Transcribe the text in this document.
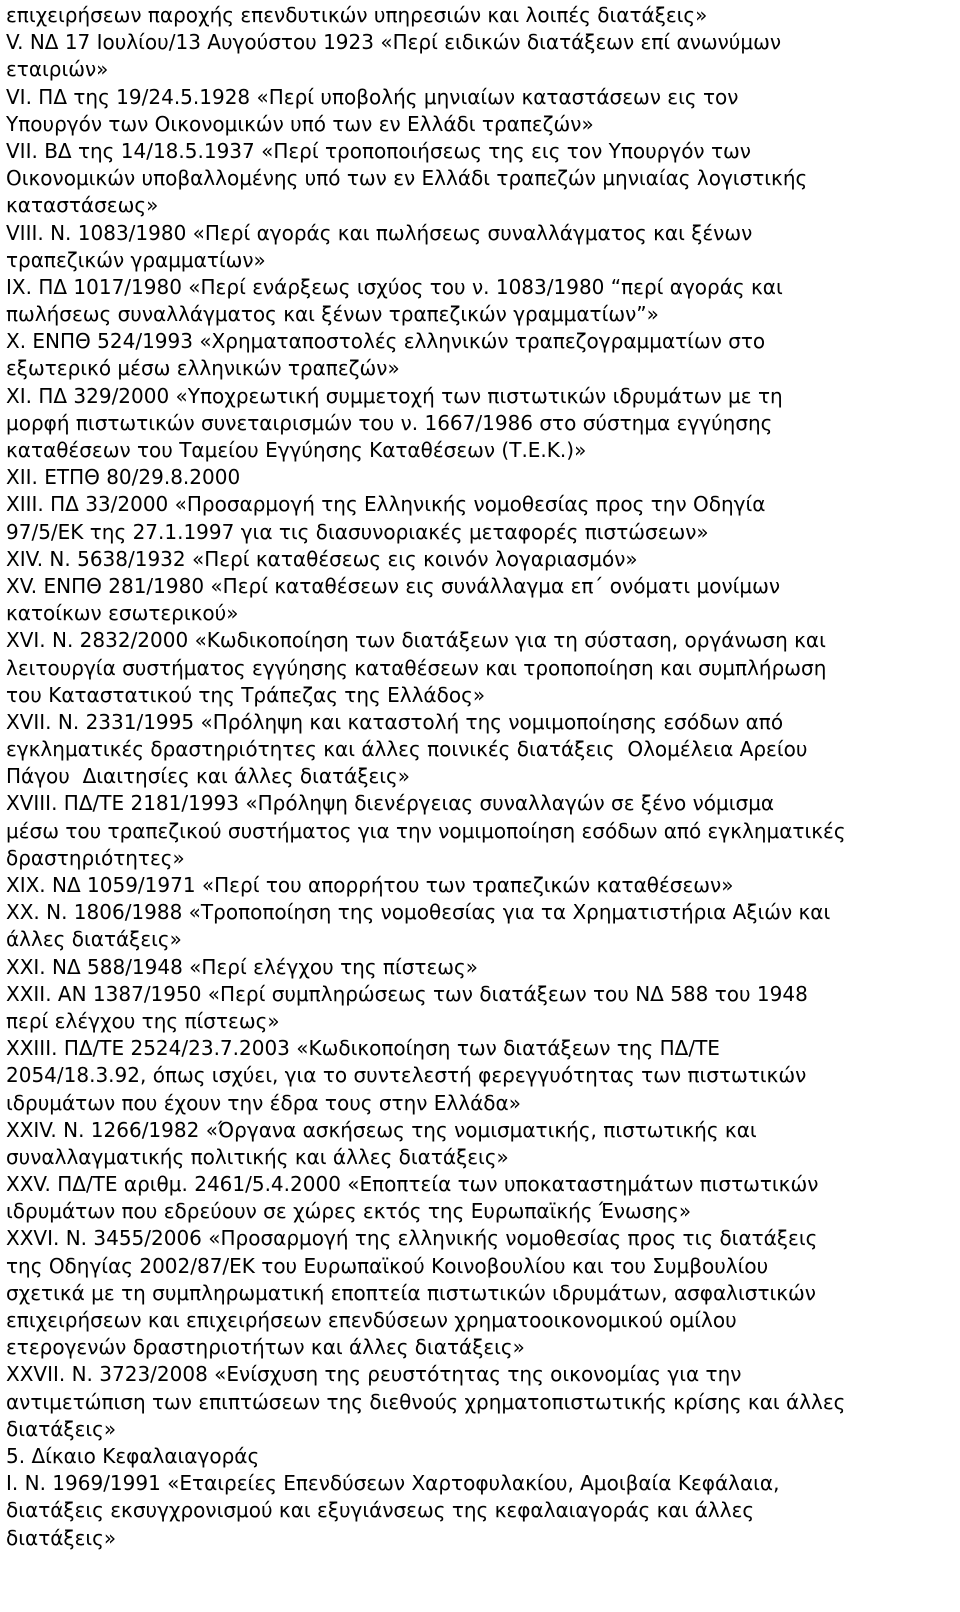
επιχειρήσεων παροχής επενδυτικών υπηρεσιών και λοιπές διατάξεις»
V. ΝΔ 17 Ιουλίου/13 Αυγούστου 1923 «Περί ειδικών διατάξεων επί ανωνύμων
εταιριών»
VI. ΠΔ της 19/24.5.1928 «Περί υποβολής μηνιαίων καταστάσεων εις τον
Υπουργόν των Οικονομικών υπό των εν Ελλάδι τραπεζών»
VII. ΒΔ της 14/18.5.1937 «Περί τροποποιήσεως της εις τον Υπουργόν των
Οικονομικών υποβαλλομένης υπό των εν Ελλάδι τραπεζών μηνιαίας λογιστικής
καταστάσεως»
VIII. Ν. 1083/1980 «Περί αγοράς και πωλήσεως συναλλάγματος και ξένων
τραπεζικών γραμματίων»
IX. ΠΔ 1017/1980 «Περί ενάρξεως ισχύος του ν. 1083/1980 “περί αγοράς και
πωλήσεως συναλλάγματος και ξένων τραπεζικών γραμματίων”»
X. ΕΝΠΘ 524/1993 «Χρηματαποστολές ελληνικών τραπεζογραμματίων στο
εξωτερικό μέσω ελληνικών τραπεζών»
XI. ΠΔ 329/2000 «Υποχρεωτική συμμετοχή των πιστωτικών ιδρυμάτων με τη
μορφή πιστωτικών συνεταιρισμών του ν. 1667/1986 στο σύστημα εγγύησης
καταθέσεων του Ταμείου Εγγύησης Καταθέσεων (Τ.Ε.Κ.)»
XII. ΕΤΠΘ 80/29.8.2000
XIII. ΠΔ 33/2000 «Προσαρμογή της Ελληνικής νομοθεσίας προς την Οδηγία
97/5/ΕΚ της 27.1.1997 για τις διασυνοριακές μεταφορές πιστώσεων»
XIV. Ν. 5638/1932 «Περί καταθέσεως εις κοινόν λογαριασμόν»
XV. ΕΝΠΘ 281/1980 «Περί καταθέσεων εις συνάλλαγμα επ΄ ονόματι μονίμων
κατοίκων εσωτερικού»
XVI. Ν. 2832/2000 «Κωδικοποίηση των διατάξεων για τη σύσταση, οργάνωση και
λειτουργία συστήματος εγγύησης καταθέσεων και τροποποίηση και συμπλήρωση
του Καταστατικού της Τράπεζας της Ελλάδος»
XVII. Ν. 2331/1995 «Πρόληψη και καταστολή της νομιμοποίησης εσόδων από
εγκληματικές δραστηριότητες και άλλες ποινικές διατάξεις  Ολομέλεια Αρείου
Πάγου  Διαιτησίες και άλλες διατάξεις»
XVIII. ΠΔ/ΤΕ 2181/1993 «Πρόληψη διενέργειας συναλλαγών σε ξένο νόμισμα
μέσω του τραπεζικού συστήματος για την νομιμοποίηση εσόδων από εγκληματικές
δραστηριότητες»
XIX. ΝΔ 1059/1971 «Περί του απορρήτου των τραπεζικών καταθέσεων»
XX. Ν. 1806/1988 «Τροποποίηση της νομοθεσίας για τα Χρηματιστήρια Αξιών και
άλλες διατάξεις»
XXI. ΝΔ 588/1948 «Περί ελέγχου της πίστεως»
XXII. ΑΝ 1387/1950 «Περί συμπληρώσεως των διατάξεων του ΝΔ 588 του 1948
περί ελέγχου της πίστεως»
XXIII. ΠΔ/ΤΕ 2524/23.7.2003 «Κωδικοποίηση των διατάξεων της ΠΔ/ΤΕ
2054/18.3.92, όπως ισχύει, για το συντελεστή φερεγγυότητας των πιστωτικών
ιδρυμάτων που έχουν την έδρα τους στην Ελλάδα»
XXIV. Ν. 1266/1982 «Όργανα ασκήσεως της νομισματικής, πιστωτικής και
συναλλαγματικής πολιτικής και άλλες διατάξεις»
XXV. ΠΔ/ΤΕ αριθμ. 2461/5.4.2000 «Εποπτεία των υποκαταστημάτων πιστωτικών
ιδρυμάτων που εδρεύουν σε χώρες εκτός της Ευρωπαϊκής Ένωσης»
XXVI. Ν. 3455/2006 «Προσαρμογή της ελληνικής νομοθεσίας προς τις διατάξεις
της Οδηγίας 2002/87/ΕΚ του Ευρωπαϊκού Κοινοβουλίου και του Συμβουλίου
σχετικά με τη συμπληρωματική εποπτεία πιστωτικών ιδρυμάτων, ασφαλιστικών
επιχειρήσεων και επιχειρήσεων επενδύσεων χρηματοοικονομικού ομίλου
ετερογενών δραστηριοτήτων και άλλες διατάξεις»
XXVII. Ν. 3723/2008 «Ενίσχυση της ρευστότητας της οικονομίας για την
αντιμετώπιση των επιπτώσεων της διεθνούς χρηματοπιστωτικής κρίσης και άλλες
διατάξεις»
5. Δίκαιο Κεφαλαιαγοράς
I. Ν. 1969/1991 «Εταιρείες Επενδύσεων Χαρτοφυλακίου, Αμοιβαία Κεφάλαια,
διατάξεις εκσυγχρονισμού και εξυγιάνσεως της κεφαλαιαγοράς και άλλες
διατάξεις»
